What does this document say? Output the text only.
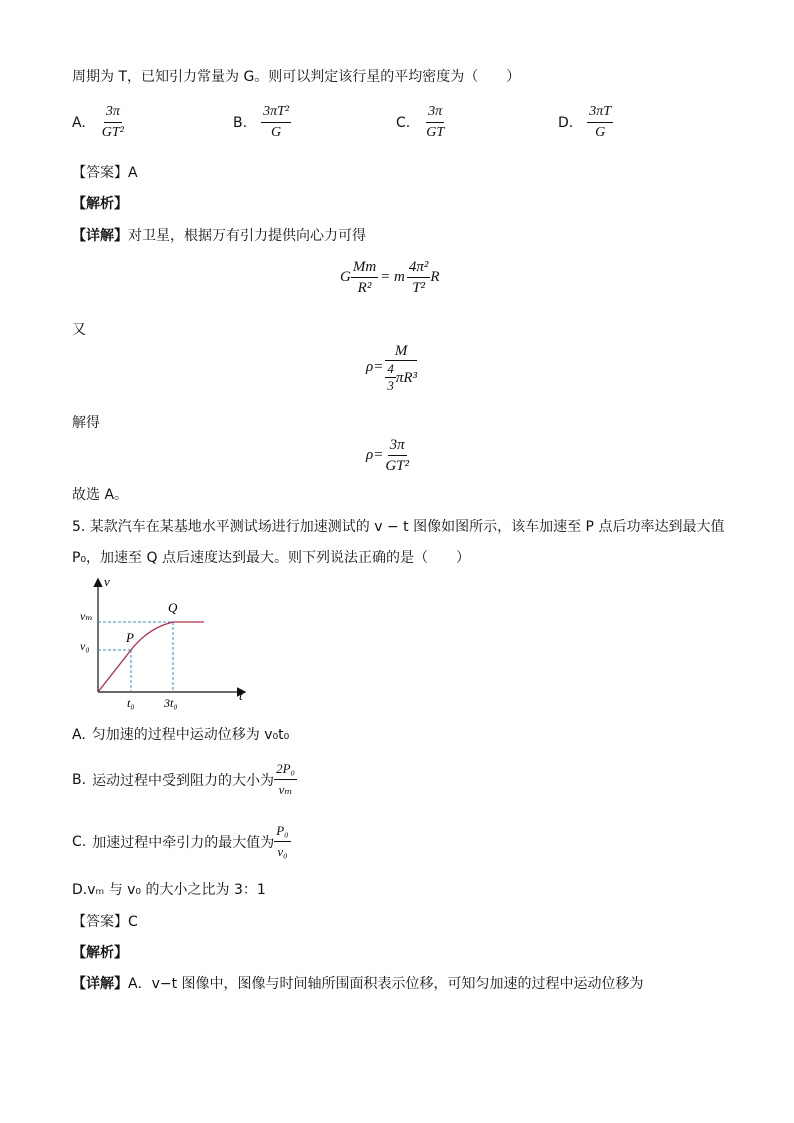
周期为 T，已知引力常量为 G。则可以判定该行星的平均密度为（　　）
A. $\frac{3\pi}{\text{GT²}}$	B. $\frac{\text{3πT²}}{G}$	C. $\frac{3\pi}{GT}$	D. $\frac{3\pi T}{G}$
【答案】A
【解析】
【详解】对卫星，根据万有引力提供向心力可得
G $\frac{Mm}{\text{R²}} = m \frac{\text{4π²}}{\text{T²}}$ R
又
$\rho= \frac{M}{\frac{4}{3} \pi R^3}$
解得
$\rho= \frac{3\pi}{\text{GT²}}$
故选 A。
5. 某款汽车在某基地水平测试场进行加速测试的 v − t 图像如图所示，该车加速至 P 点后功率达到最大值
P₀，加速至 Q 点后速度达到最大。则下列说法正确的是（　　）
v
t
vₘ
v₀
t₀ 3t₀
P
Q
A. 匀加速的过程中运动位移为 v₀t₀
B. 运动过程中受到阻力的大小为 $\frac{\text{2P₀}}{\text{vₘ}}$
C. 加速过程中牵引力的最大值为 $\frac{\text{P₀}}{\text{v₀}}$
D.vₘ 与 v₀ 的大小之比为 3：1
【答案】C
【解析】
【详解】A．v−t 图像中，图像与时间轴所围面积表示位移，可知匀加速的过程中运动位移为
